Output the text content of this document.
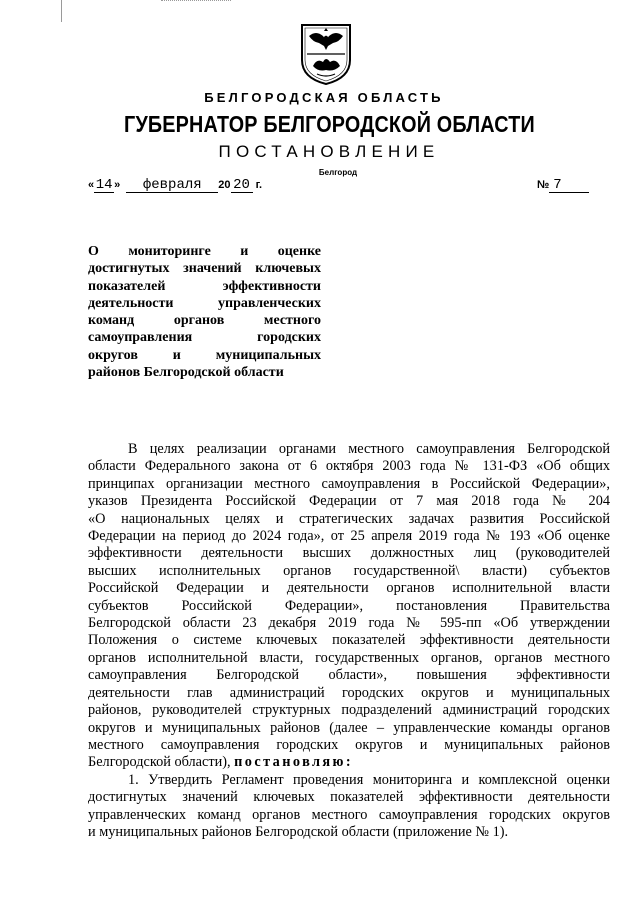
БЕЛГОРОДСКАЯ ОБЛАСТЬ
ГУБЕРНАТОР БЕЛГОРОДСКОЙ ОБЛАСТИ
ПОСТАНОВЛЕНИЕ
Белгород
« 14 » февраля 20 20 г.	№ 7
О мониторинге и оценке
достигнутых значений ключевых
показателей эффективности
деятельности управленческих
команд органов местного
самоуправления городских
округов и муниципальных
районов Белгородской области
В целях реализации органами местного самоуправления Белгородской
области Федерального закона от 6 октября 2003 года № 131-ФЗ «Об общих
принципах организации местного самоуправления в Российской Федерации»,
указов Президента Российской Федерации от 7 мая 2018 года № 204
«О национальных целях и стратегических задачах развития Российской
Федерации на период до 2024 года», от 25 апреля 2019 года № 193 «Об оценке
эффективности деятельности высших должностных лиц (руководителей
высших исполнительных органов государственной\ власти) субъектов
Российской Федерации и деятельности органов исполнительной власти
субъектов Российской Федерации», постановления Правительства
Белгородской области 23 декабря 2019 года № 595-пп «Об утверждении
Положения о системе ключевых показателей эффективности деятельности
органов исполнительной власти, государственных органов, органов местного
самоуправления Белгородской области», повышения эффективности
деятельности глав администраций городских округов и муниципальных
районов, руководителей структурных подразделений администраций городских
округов и муниципальных районов (далее – управленческие команды органов
местного самоуправления городских округов и муниципальных районов
Белгородской области), постановляю:
1. Утвердить Регламент проведения мониторинга и комплексной оценки
достигнутых значений ключевых показателей эффективности деятельности
управленческих команд органов местного самоуправления городских округов
и муниципальных районов Белгородской области (приложение № 1).
